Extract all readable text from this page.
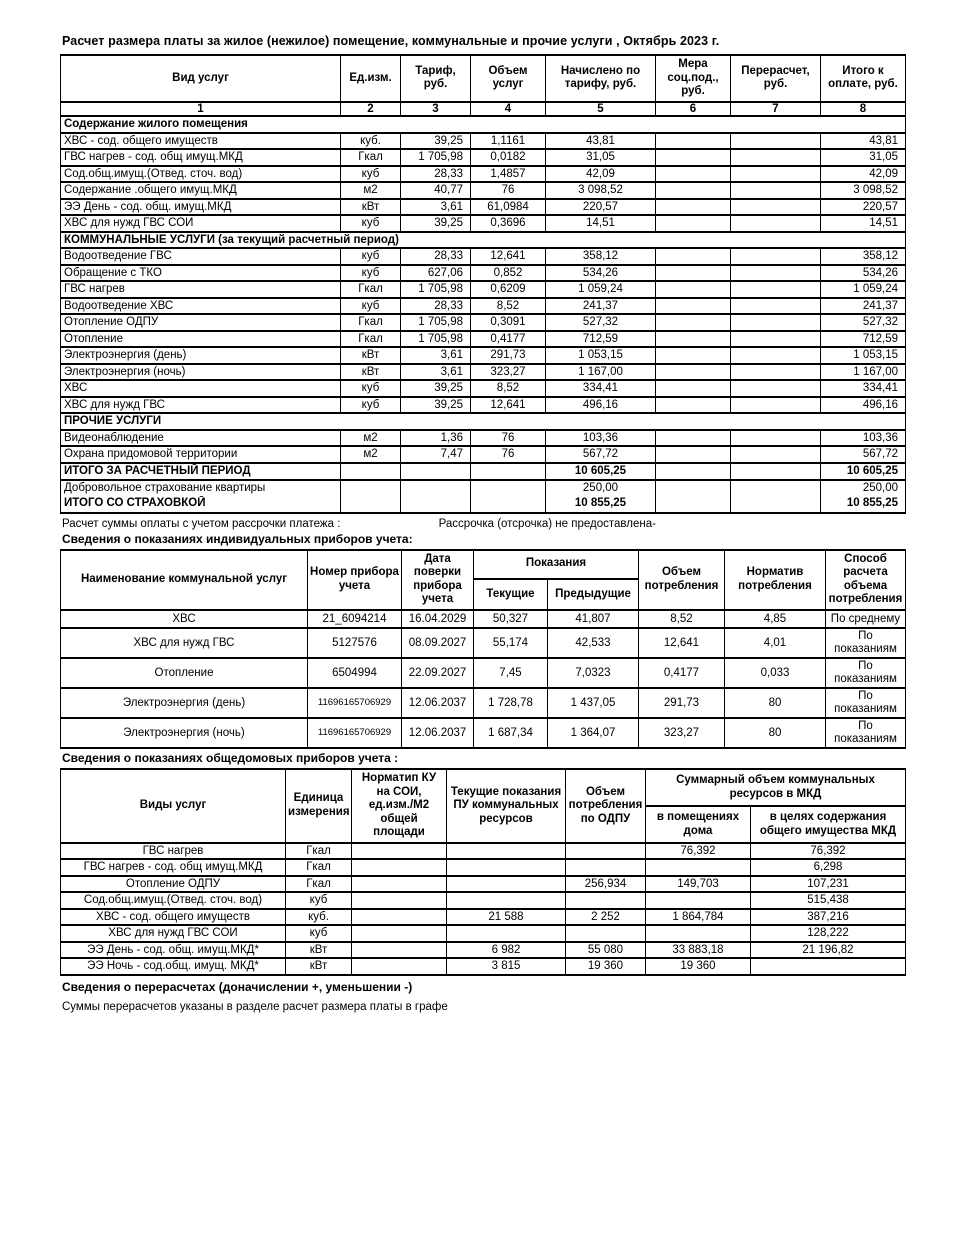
Расчет размера платы за жилое (нежилое) помещение, коммунальные и прочие услуги , Октябрь 2023 г.
Вид услуг	Ед.изм.	Тариф, руб.	Объем услуг	Начислено по тарифу, руб.	Мера соц.под., руб.	Перерасчет, руб.	Итого к оплате, руб.
1	2	3	4	5	6	7	8
Содержание жилого помещения							
ХВС - сод. общего имуществ	куб.	39,25	1,1161	43,81			43,81
ГВС нагрев - сод. общ имущ.МКД	Гкал	1 705,98	0,0182	31,05			31,05
Сод.общ.имущ.(Отвед. сточ. вод)	куб	28,33	1,4857	42,09			42,09
Содержание .общего имущ.МКД	м2	40,77	76	3 098,52			3 098,52
ЭЭ День - сод. общ. имущ.МКД	кВт	3,61	61,0984	220,57			220,57
ХВС для нужд ГВС СОИ	куб	39,25	0,3696	14,51			14,51
КОММУНАЛЬНЫЕ УСЛУГИ (за текущий расчетный период)							
Водоотведение ГВС	куб	28,33	12,641	358,12			358,12
Обращение с ТКО	куб	627,06	0,852	534,26			534,26
ГВС нагрев	Гкал	1 705,98	0,6209	1 059,24			1 059,24
Водоотведение ХВС	куб	28,33	8,52	241,37			241,37
Отопление ОДПУ	Гкал	1 705,98	0,3091	527,32			527,32
Отопление	Гкал	1 705,98	0,4177	712,59			712,59
Электроэнергия (день)	кВт	3,61	291,73	1 053,15			1 053,15
Электроэнергия (ночь)	кВт	3,61	323,27	1 167,00			1 167,00
ХВС	куб	39,25	8,52	334,41			334,41
ХВС для нужд ГВС	куб	39,25	12,641	496,16			496,16
ПРОЧИЕ УСЛУГИ							
Видеонаблюдение	м2	1,36	76	103,36			103,36
Охрана придомовой территории	м2	7,47	76	567,72			567,72
ИТОГО ЗА РАСЧЕТНЫЙ ПЕРИОД				10 605,25			10 605,25
Добровольное страхование квартиры				250,00			250,00
ИТОГО СО СТРАХОВКОЙ				10 855,25			10 855,25
Расчет суммы оплаты с учетом рассрочки платежа :	Рассрочка (отсрочка) не предоставлена-
Сведения о показаниях индивидуальных приборов учета:
Наименование коммунальной услуг	Номер прибора учета	Дата поверки прибора учета	Показания		Объем потребления	Норматив потребления	Способ расчета объема потребления
			Текущие	Предыдущие			
ХВС	21_6094214	16.04.2029	50,327	41,807	8,52	4,85	По среднему
ХВС для нужд ГВС	5127576	08.09.2027	55,174	42,533	12,641	4,01	По показаниям
Отопление	6504994	22.09.2027	7,45	7,0323	0,4177	0,033	По показаниям
Электроэнергия (день)	11696165706929	12.06.2037	1 728,78	1 437,05	291,73	80	По показаниям
Электроэнергия (ночь)	11696165706929	12.06.2037	1 687,34	1 364,07	323,27	80	По показаниям
Сведения о показаниях общедомовых приборов учета :
Виды услуг	Единица измерения	Норматип КУ на СОИ, ед.изм./М2 общей площади	Текущие показания ПУ коммунальных ресурсов	Объем потребления по ОДПУ	Суммарный объем коммунальных ресурсов в МКД	
					в помещениях дома	в целях содержания общего имущества МКД
ГВС нагрев	Гкал				76,392	76,392
ГВС нагрев - сод. общ имущ.МКД	Гкал					6,298
Отопление ОДПУ	Гкал			256,934	149,703	107,231
Сод.общ.имущ.(Отвед. сточ. вод)	куб					515,438
ХВС - сод. общего имуществ	куб.		21 588	2 252	1 864,784	387,216
ХВС для нужд ГВС СОИ	куб					128,222
ЭЭ День - сод. общ. имущ.МКД*	кВт		6 982	55 080	33 883,18	21 196,82
ЭЭ Ночь - сод.общ. имущ. МКД*	кВт		3 815	19 360	19 360	
Сведения о перерасчетах (доначислении +, уменьшении -)
Суммы перерасчетов указаны в разделе расчет размера платы в графе
